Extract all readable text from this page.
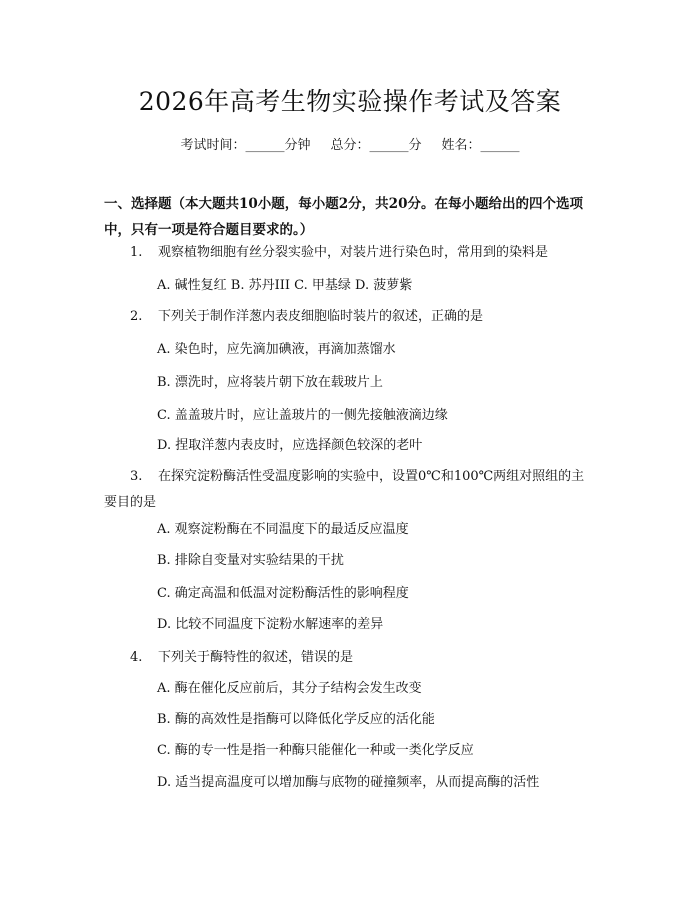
2026年高考生物实验操作考试及答案
考试时间：______分钟 总分：______分 姓名：______
一、选择题（本大题共10小题，每小题2分，共20分。在每小题给出的四个选项中，只有一项是符合题目要求的。）
1. 观察植物细胞有丝分裂实验中，对装片进行染色时，常用到的染料是
A. 碱性复红 B. 苏丹III C. 甲基绿 D. 菠萝紫
2. 下列关于制作洋葱内表皮细胞临时装片的叙述，正确的是
A. 染色时，应先滴加碘液，再滴加蒸馏水
B. 漂洗时，应将装片朝下放在载玻片上
C. 盖盖玻片时，应让盖玻片的一侧先接触液滴边缘
D. 捏取洋葱内表皮时，应选择颜色较深的老叶
3. 在探究淀粉酶活性受温度影响的实验中，设置0℃和100℃两组对照组的主要目的是
A. 观察淀粉酶在不同温度下的最适反应温度
B. 排除自变量对实验结果的干扰
C. 确定高温和低温对淀粉酶活性的影响程度
D. 比较不同温度下淀粉水解速率的差异
4. 下列关于酶特性的叙述，错误的是
A. 酶在催化反应前后，其分子结构会发生改变
B. 酶的高效性是指酶可以降低化学反应的活化能
C. 酶的专一性是指一种酶只能催化一种或一类化学反应
D. 适当提高温度可以增加酶与底物的碰撞频率，从而提高酶的活性
